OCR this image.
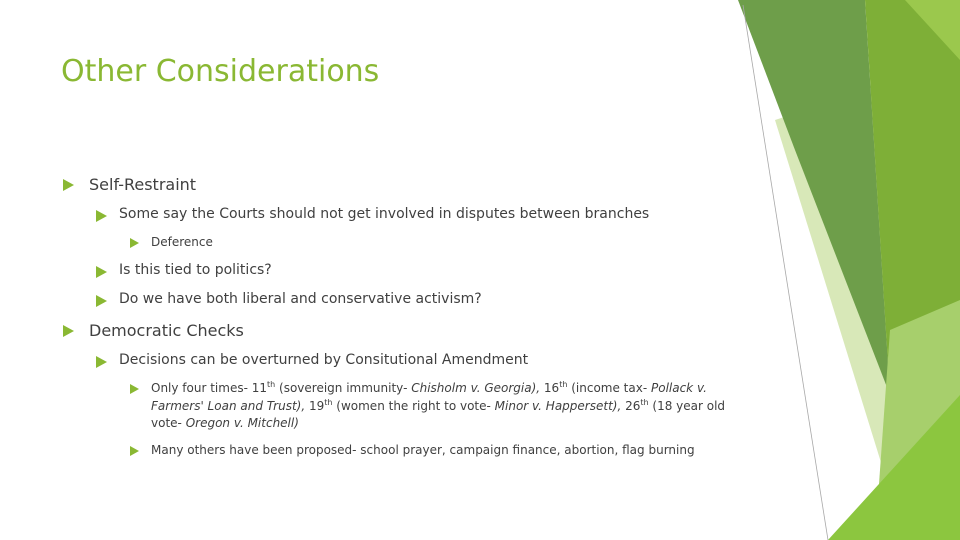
Other Considerations
Self-Restraint
Some say the Courts should not get involved in disputes between branches
Deference
Is this tied to politics?
Do we have both liberal and conservative activism?
Democratic Checks
Decisions can be overturned by Consitutional Amendment
Only four times- 11th (sovereign immunity- Chisholm v. Georgia), 16th (income tax- Pollack v. Farmers' Loan and Trust), 19th (women the right to vote- Minor v. Happersett), 26th (18 year old vote- Oregon v. Mitchell)
Many others have been proposed- school prayer, campaign finance, abortion, flag burning
